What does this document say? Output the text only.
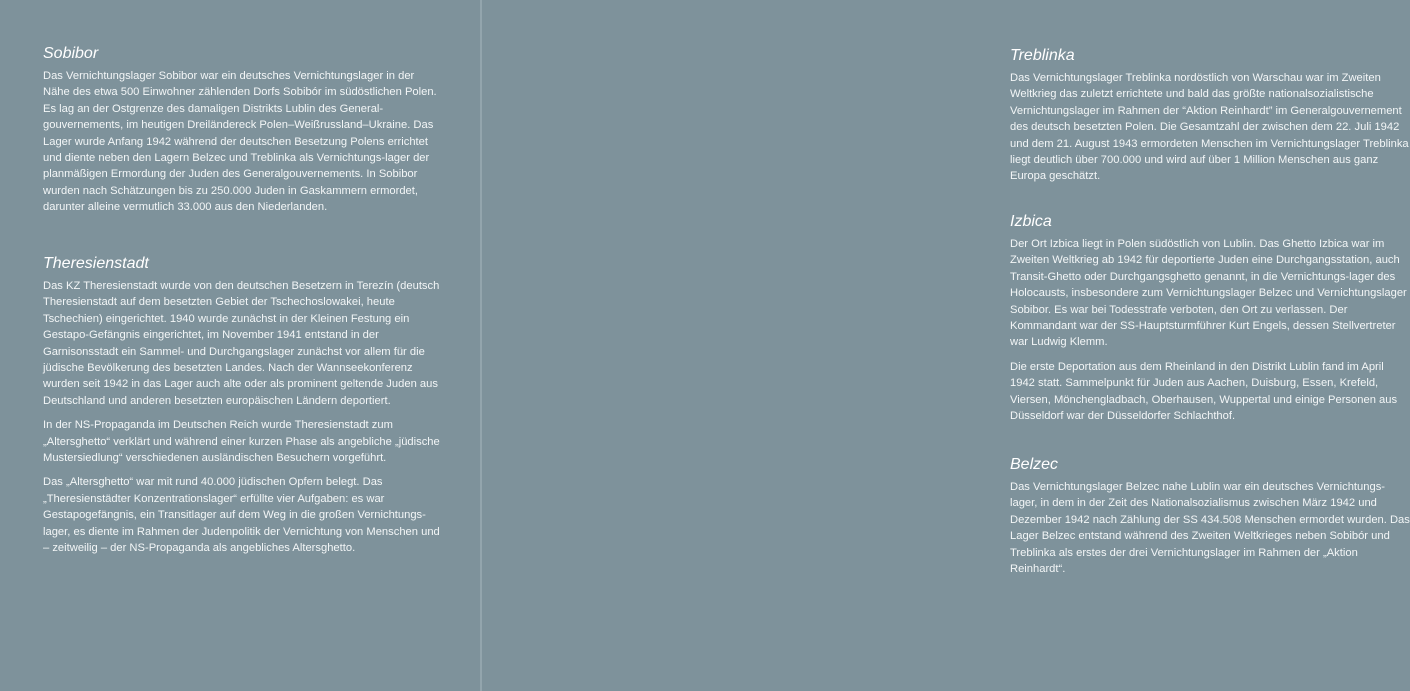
Sobibor

Das Vernichtungslager Sobibor war ein deutsches Vernichtungslager in der Nähe des etwa 500 Einwohner zählenden Dorfs Sobibór im südöstlichen Polen. Es lag an der Ostgrenze des damaligen Distrikts Lublin des General-gouvernements, im heutigen Dreiländereck Polen–Weißrussland–Ukraine. Das Lager wurde Anfang 1942 während der deutschen Besetzung Polens errichtet und diente neben den Lagern Belzec und Treblinka als Vernichtungs-lager der planmäßigen Ermordung der Juden des Generalgouvernements. In Sobibor wurden nach Schätzungen bis zu 250.000 Juden in Gaskammern ermordet, darunter alleine vermutlich 33.000 aus den Niederlanden.

Theresienstadt

Das KZ Theresienstadt wurde von den deutschen Besetzern in Terezín (deutsch Theresienstadt auf dem besetzten Gebiet der Tschechoslowakei, heute Tschechien) eingerichtet. 1940 wurde zunächst in der Kleinen Festung ein Gestapo-Gefängnis eingerichtet, im November 1941 entstand in der Garnisonsstadt ein Sammel- und Durchgangslager zunächst vor allem für die jüdische Bevölkerung des besetzten Landes. Nach der Wannseekonferenz wurden seit 1942 in das Lager auch alte oder als prominent geltende Juden aus Deutschland und anderen besetzten europäischen Ländern deportiert.

In der NS-Propaganda im Deutschen Reich wurde Theresienstadt zum „Altersghetto“ verklärt und während einer kurzen Phase als angebliche „jüdische Mustersiedlung“ verschiedenen ausländischen Besuchern vorgeführt.

Das „Altersghetto“ war mit rund 40.000 jüdischen Opfern belegt. Das „Theresienstädter Konzentrationslager“ erfüllte vier Aufgaben: es war Gestapogefängnis, ein Transitlager auf dem Weg in die großen Vernichtungs-lager, es diente im Rahmen der Judenpolitik der Vernichtung von Menschen und – zeitweilig – der NS-Propaganda als angebliches Altersghetto.

Treblinka

Das Vernichtungslager Treblinka nordöstlich von Warschau war im Zweiten Weltkrieg das zuletzt errichtete und bald das größte nationalsozialistische Vernichtungslager im Rahmen der “Aktion Reinhardt” im Generalgouvernement des deutsch besetzten Polen. Die Gesamtzahl der zwischen dem 22. Juli 1942 und dem 21. August 1943 ermordeten Menschen im Vernichtungslager Treblinka liegt deutlich über 700.000 und wird auf über 1 Million Menschen aus ganz Europa geschätzt.

Izbica

Der Ort Izbica liegt in Polen südöstlich von Lublin. Das Ghetto Izbica war im Zweiten Weltkrieg ab 1942 für deportierte Juden eine Durchgangsstation, auch Transit-Ghetto oder Durchgangsghetto genannt, in die Vernichtungs-lager des Holocausts, insbesondere zum Vernichtungslager Belzec und Vernichtungslager Sobibor. Es war bei Todesstrafe verboten, den Ort zu verlassen. Der Kommandant war der SS-Hauptsturmführer Kurt Engels, dessen Stellvertreter war Ludwig Klemm.

Die erste Deportation aus dem Rheinland in den Distrikt Lublin fand im April 1942 statt. Sammelpunkt für Juden aus Aachen, Duisburg, Essen, Krefeld, Viersen, Mönchengladbach, Oberhausen, Wuppertal und einige Personen aus Düsseldorf war der Düsseldorfer Schlachthof.

Belzec

Das Vernichtungslager Belzec nahe Lublin war ein deutsches Vernichtungs-lager, in dem in der Zeit des Nationalsozialismus zwischen März 1942 und Dezember 1942 nach Zählung der SS 434.508 Menschen ermordet wurden. Das Lager Belzec entstand während des Zweiten Weltkrieges neben Sobibór und Treblinka als erstes der drei Vernichtungslager im Rahmen der „Aktion Reinhardt“.
